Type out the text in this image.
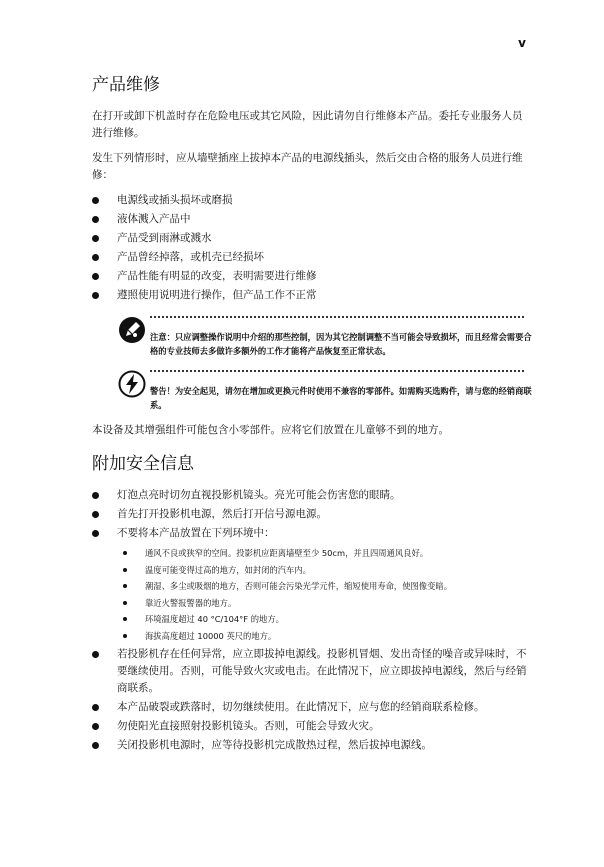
v
产品维修

在打开或卸下机盖时存在危险电压或其它风险，因此请勿自行维修本产品。委托专业服务人员进行维修。

发生下列情形时，应从墙壁插座上拔掉本产品的电源线插头，然后交由合格的服务人员进行维修：

电源线或插头损坏或磨损
液体溅入产品中
产品受到雨淋或溅水
产品曾经掉落，或机壳已经损坏
产品性能有明显的改变，表明需要进行维修
遵照使用说明进行操作，但产品工作不正常
注意：只应调整操作说明中介绍的那些控制，因为其它控制调整不当可能会导致损坏，而且经常会需要合格的专业技师去多做许多额外的工作才能将产品恢复至正常状态。
警告！为安全起见，请勿在增加或更换元件时使用不兼容的零部件。如需购买选购件，请与您的经销商联系。

本设备及其增强组件可能包含小零部件。应将它们放置在儿童够不到的地方。

附加安全信息
灯泡点亮时切勿直视投影机镜头。亮光可能会伤害您的眼睛。
首先打开投影机电源，然后打开信号源电源。
不要将本产品放置在下列环境中：
通风不良或狭窄的空间。投影机应距离墙壁至少 50cm，并且四周通风良好。
温度可能变得过高的地方，如封闭的汽车内。
潮湿、多尘或吸烟的地方，否则可能会污染光学元件，缩短使用寿命，使图像变暗。
靠近火警报警器的地方。
环境温度超过 40 °C/104°F 的地方。
海拔高度超过 10000 英尺的地方。
若投影机存在任何异常，应立即拔掉电源线。投影机冒烟、发出奇怪的噪音或异味时，不要继续使用。否则，可能导致火灾或电击。在此情况下，应立即拔掉电源线，然后与经销商联系。
本产品破裂或跌落时，切勿继续使用。在此情况下，应与您的经销商联系检修。
勿使阳光直接照射投影机镜头。否则，可能会导致火灾。
关闭投影机电源时，应等待投影机完成散热过程，然后拔掉电源线。
